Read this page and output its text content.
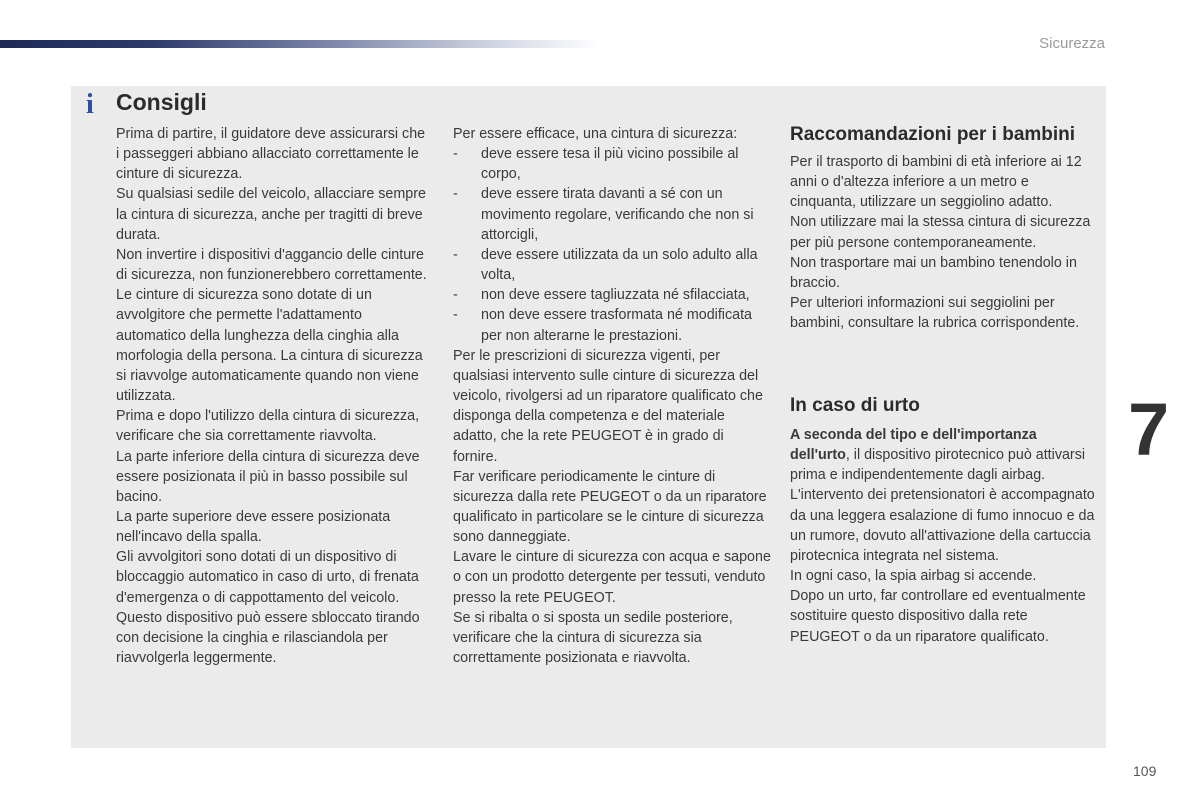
Sicurezza
i Consigli

Prima di partire, il guidatore deve assicurarsi che i passeggeri abbiano allacciato correttamente le cinture di sicurezza.

Su qualsiasi sedile del veicolo, allacciare sempre la cintura di sicurezza, anche per tragitti di breve durata.

Non invertire i dispositivi d'aggancio delle cinture di sicurezza, non funzionerebbero correttamente.

Le cinture di sicurezza sono dotate di un avvolgitore che permette l'adattamento automatico della lunghezza della cinghia alla morfologia della persona. La cintura di sicurezza si riavvolge automaticamente quando non viene utilizzata.

Prima e dopo l'utilizzo della cintura di sicurezza, verificare che sia correttamente riavvolta.

La parte inferiore della cintura di sicurezza deve essere posizionata il più in basso possibile sul bacino.

La parte superiore deve essere posizionata nell'incavo della spalla.

Gli avvolgitori sono dotati di un dispositivo di bloccaggio automatico in caso di urto, di frenata d'emergenza o di cappottamento del veicolo. Questo dispositivo può essere sbloccato tirando con decisione la cinghia e rilasciandola per riavvolgerla leggermente.

Per essere efficace, una cintura di sicurezza:

-	deve essere tesa il più vicino possibile al corpo,
-	deve essere tirata davanti a sé con un movimento regolare, verificando che non si attorcigli,
-	deve essere utilizzata da un solo adulto alla volta,
-	non deve essere tagliuzzata né sfilacciata,
-	non deve essere trasformata né modificata per non alterarne le prestazioni.

Per le prescrizioni di sicurezza vigenti, per qualsiasi intervento sulle cinture di sicurezza del veicolo, rivolgersi ad un riparatore qualificato che disponga della competenza e del materiale adatto, che la rete PEUGEOT è in grado di fornire.

Far verificare periodicamente le cinture di sicurezza dalla rete PEUGEOT o da un riparatore qualificato in particolare se le cinture di sicurezza sono danneggiate.

Lavare le cinture di sicurezza con acqua e sapone o con un prodotto detergente per tessuti, venduto presso la rete PEUGEOT.

Se si ribalta o si sposta un sedile posteriore, verificare che la cintura di sicurezza sia correttamente posizionata e riavvolta.

Raccomandazioni per i bambini

Per il trasporto di bambini di età inferiore ai 12 anni o d'altezza inferiore a un metro e cinquanta, utilizzare un seggiolino adatto.

Non utilizzare mai la stessa cintura di sicurezza per più persone contemporaneamente.

Non trasportare mai un bambino tenendolo in braccio.

Per ulteriori informazioni sui seggiolini per bambini, consultare la rubrica corrispondente.

In caso di urto

A seconda del tipo e dell'importanza dell'urto, il dispositivo pirotecnico può attivarsi prima e indipendentemente dagli airbag. L'intervento dei pretensionatori è accompagnato da una leggera esalazione di fumo innocuo e da un rumore, dovuto all'attivazione della cartuccia pirotecnica integrata nel sistema.

In ogni caso, la spia airbag si accende.

Dopo un urto, far controllare ed eventualmente sostituire questo dispositivo dalla rete PEUGEOT o da un riparatore qualificato.

7
109
